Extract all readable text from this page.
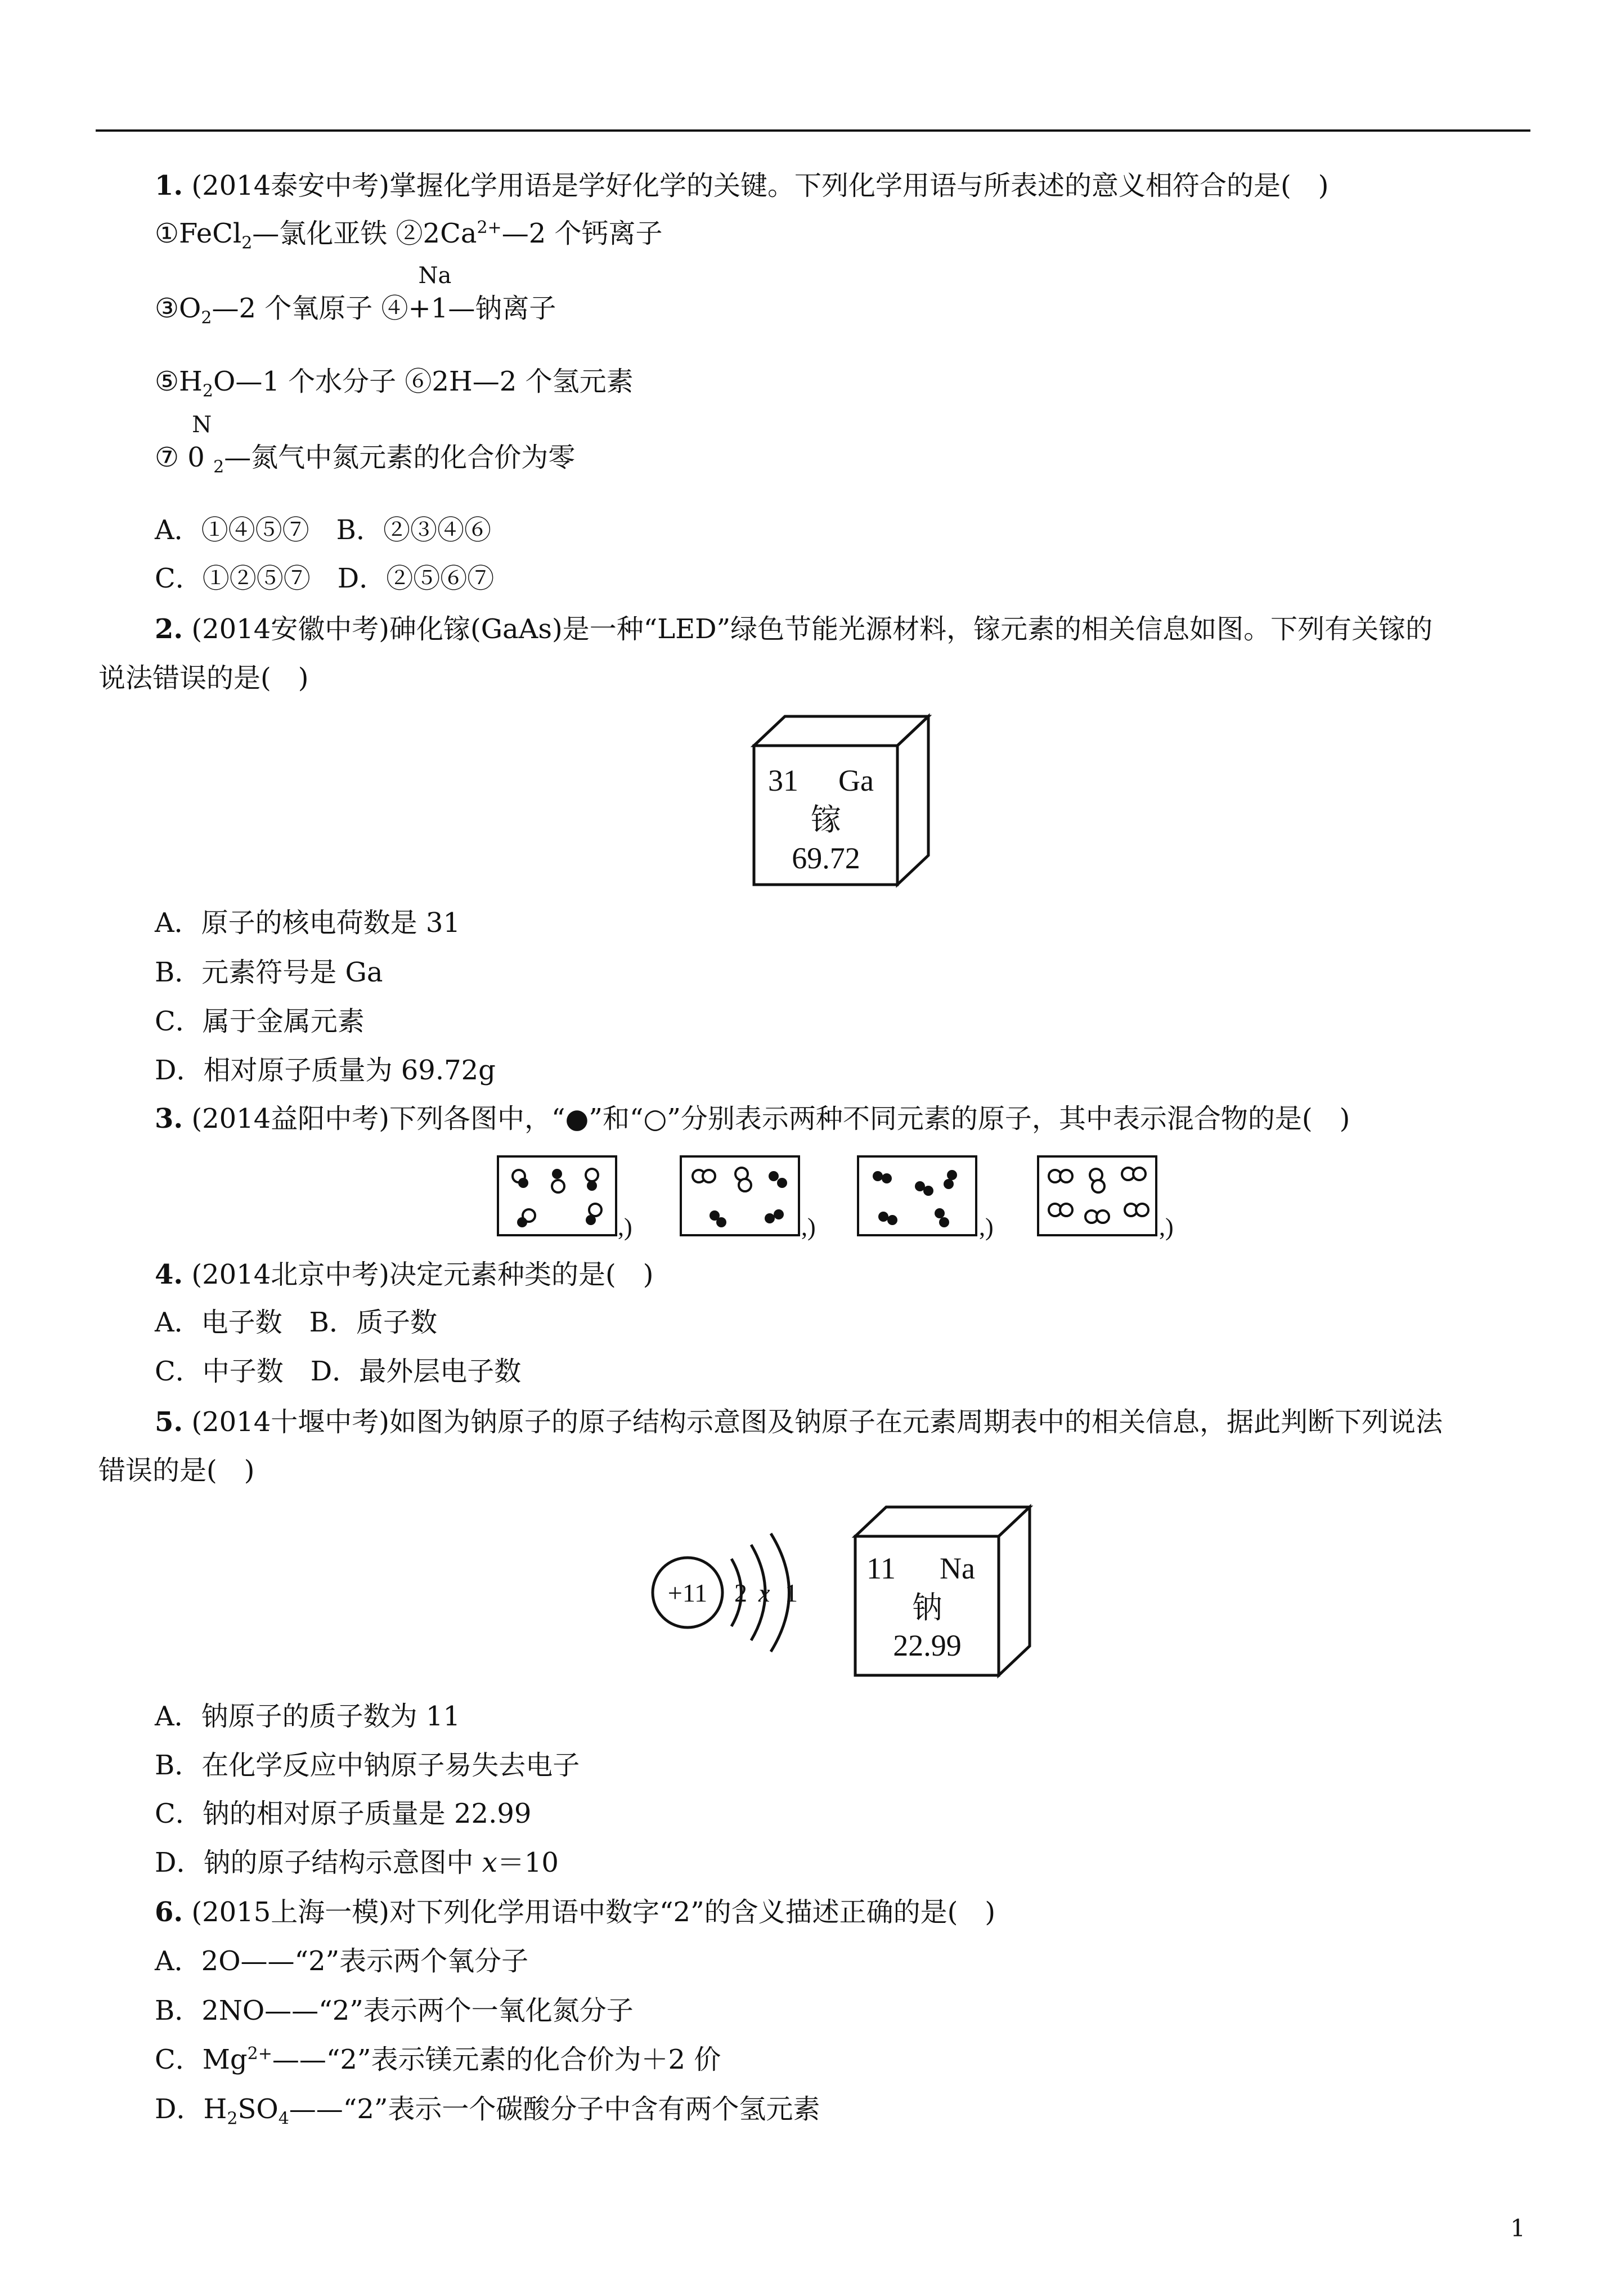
1. (2014泰安中考)掌握化学用语是学好化学的关键。下列化学用语与所表述的意义相符合的是(　)
①FeCl$_2$—氯化亚铁 $②2Ca^{2+}—2$ 个钙离子
$③O_2—2$ 个氧原子 ④
Na
+1—钠离子
$⑤H_2O—1$ 个水分子 ⑥2H—2 个氢元素
⑦
N
0 $_2$—氮气中氮元素的化合价为零
A．①④⑤⑦　B．②③④⑥
C．①②⑤⑦　D．②⑤⑥⑦
2. (2014安徽中考)砷化镓(GaAs)是一种“LED”绿色节能光源材料，镓元素的相关信息如图。下列有关镓的
说法错误的是(　)
31 Ga
镓
69.72
A．原子的核电荷数是 31
B．元素符号是 Ga
C．属于金属元素
D．相对原子质量为 69.72g
3. (2014益阳中考)下列各图中，“●”和“○”分别表示两种不同元素的原子，其中表示混合物的是(　)
,)	,)	,)	,)
4. (2014北京中考)决定元素种类的是(　)
A．电子数　B．质子数
C．中子数　D．最外层电子数
5. (2014十堰中考)如图为钠原子的原子结构示意图及钠原子在元素周期表中的相关信息，据此判断下列说法
错误的是(　)
+11 2 x 1
11 Na
钠
22.99
A．钠原子的质子数为 11
B．在化学反应中钠原子易失去电子
C．钠的相对原子质量是 22.99
D．钠的原子结构示意图中 x＝10
6. (2015上海一模)对下列化学用语中数字“2”的含义描述正确的是(　)
A．2O——“2”表示两个氧分子
B．2NO——“2”表示两个一氧化氮分子
C．$Mg^{2+}——“2$”表示镁元素的化合价为＋2 价
D．$H_2SO_4——“2$”表示一个碳酸分子中含有两个氢元素
1
